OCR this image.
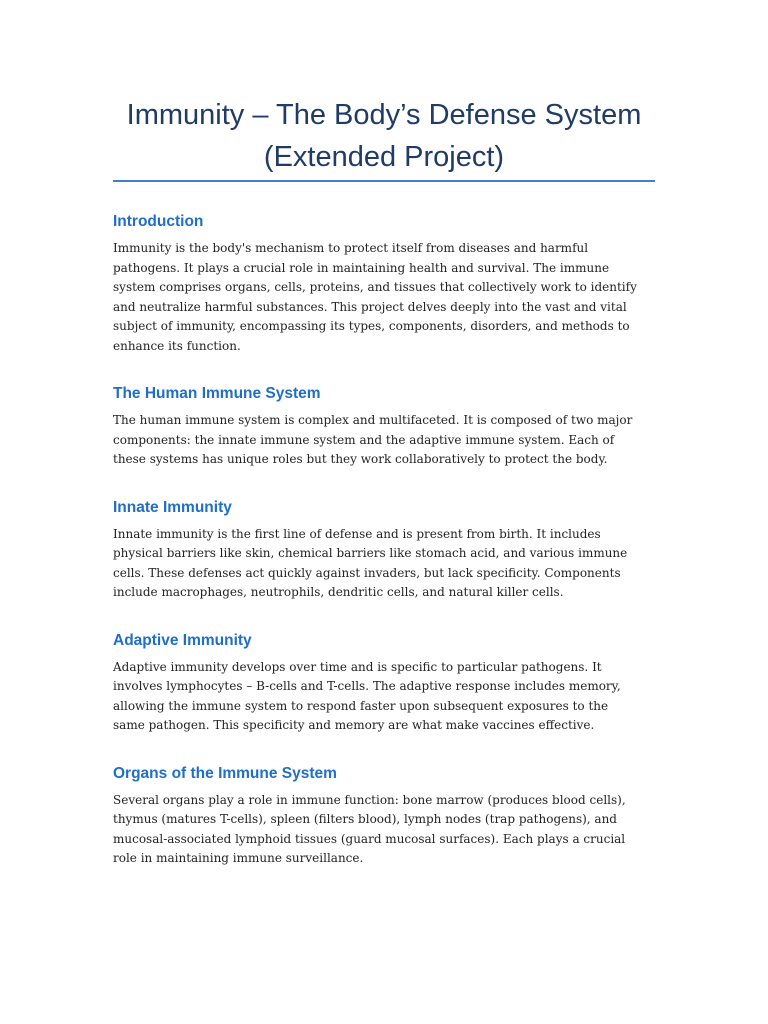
Immunity – The Body’s Defense System
(Extended Project)
Introduction

Immunity is the body's mechanism to protect itself from diseases and harmful pathogens. It plays a crucial role in maintaining health and survival. The immune system comprises organs, cells, proteins, and tissues that collectively work to identify and neutralize harmful substances. This project delves deeply into the vast and vital subject of immunity, encompassing its types, components, disorders, and methods to enhance its function.

The Human Immune System

The human immune system is complex and multifaceted. It is composed of two major components: the innate immune system and the adaptive immune system. Each of these systems has unique roles but they work collaboratively to protect the body.

Innate Immunity

Innate immunity is the first line of defense and is present from birth. It includes physical barriers like skin, chemical barriers like stomach acid, and various immune cells. These defenses act quickly against invaders, but lack specificity. Components include macrophages, neutrophils, dendritic cells, and natural killer cells.

Adaptive Immunity

Adaptive immunity develops over time and is specific to particular pathogens. It involves lymphocytes – B-cells and T-cells. The adaptive response includes memory, allowing the immune system to respond faster upon subsequent exposures to the same pathogen. This specificity and memory are what make vaccines effective.

Organs of the Immune System

Several organs play a role in immune function: bone marrow (produces blood cells), thymus (matures T-cells), spleen (filters blood), lymph nodes (trap pathogens), and mucosal-associated lymphoid tissues (guard mucosal surfaces). Each plays a crucial role in maintaining immune surveillance.
